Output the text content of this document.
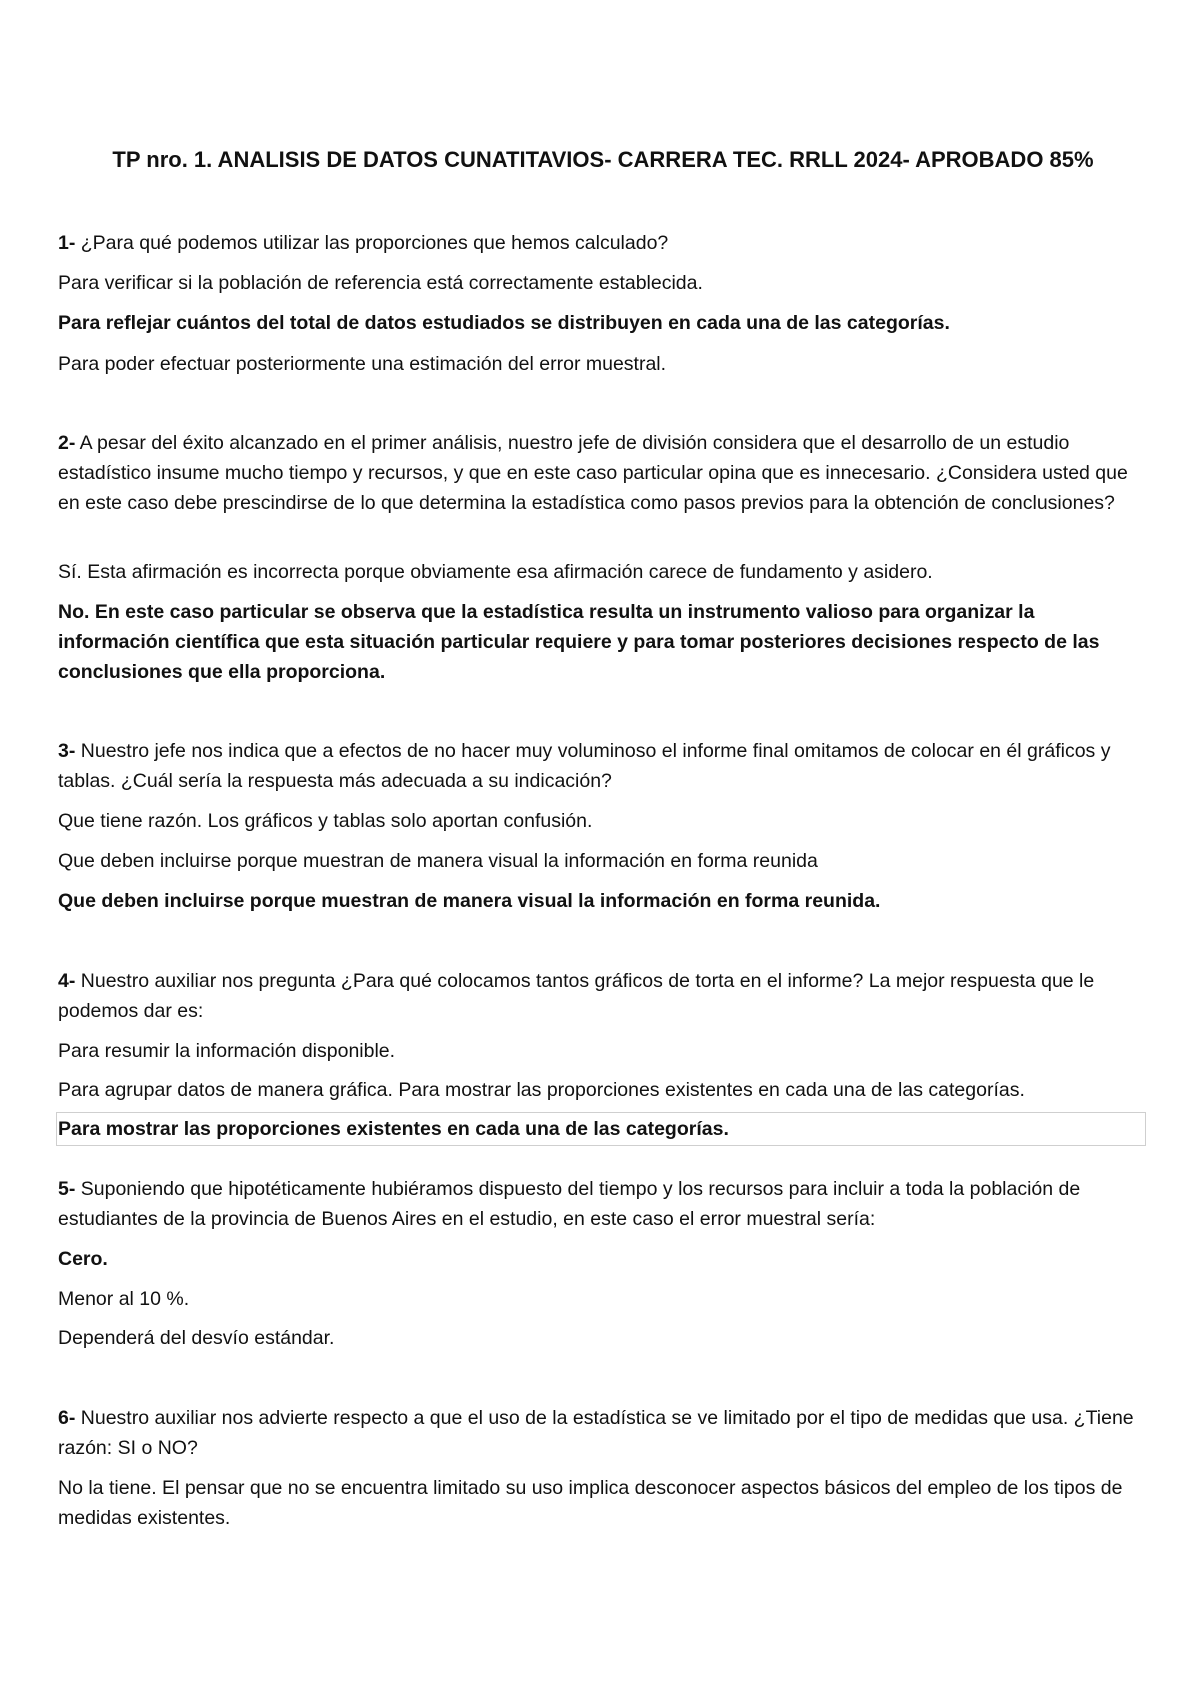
TP nro. 1. ANALISIS DE DATOS CUNATITAVIOS- CARRERA TEC. RRLL 2024- APROBADO 85%
1- ¿Para qué podemos utilizar las proporciones que hemos calculado?
Para verificar si la población de referencia está correctamente establecida.
Para reflejar cuántos del total de datos estudiados se distribuyen en cada una de las categorías.
Para poder efectuar posteriormente una estimación del error muestral.
2- A pesar del éxito alcanzado en el primer análisis, nuestro jefe de división considera que el desarrollo de un estudio estadístico insume mucho tiempo y recursos, y que en este caso particular opina que es innecesario. ¿Considera usted que en este caso debe prescindirse de lo que determina la estadística como pasos previos para la obtención de conclusiones?
Sí. Esta afirmación es incorrecta porque obviamente esa afirmación carece de fundamento y asidero.
No. En este caso particular se observa que la estadística resulta un instrumento valioso para organizar la información científica que esta situación particular requiere y para tomar posteriores decisiones respecto de las conclusiones que ella proporciona.
3- Nuestro jefe nos indica que a efectos de no hacer muy voluminoso el informe final omitamos de colocar en él gráficos y tablas. ¿Cuál sería la respuesta más adecuada a su indicación?
Que tiene razón. Los gráficos y tablas solo aportan confusión.
Que deben incluirse porque muestran de manera visual la información en forma reunida
Que deben incluirse porque muestran de manera visual la información en forma reunida.
4- Nuestro auxiliar nos pregunta ¿Para qué colocamos tantos gráficos de torta en el informe? La mejor respuesta que le podemos dar es:
Para resumir la información disponible.
Para agrupar datos de manera gráfica. Para mostrar las proporciones existentes en cada una de las categorías.
Para mostrar las proporciones existentes en cada una de las categorías.
5- Suponiendo que hipotéticamente hubiéramos dispuesto del tiempo y los recursos para incluir a toda la población de estudiantes de la provincia de Buenos Aires en el estudio, en este caso el error muestral sería:
Cero.
Menor al 10 %.
Dependerá del desvío estándar.
6- Nuestro auxiliar nos advierte respecto a que el uso de la estadística se ve limitado por el tipo de medidas que usa. ¿Tiene razón: SI o NO?
No la tiene. El pensar que no se encuentra limitado su uso implica desconocer aspectos básicos del empleo de los tipos de medidas existentes.
